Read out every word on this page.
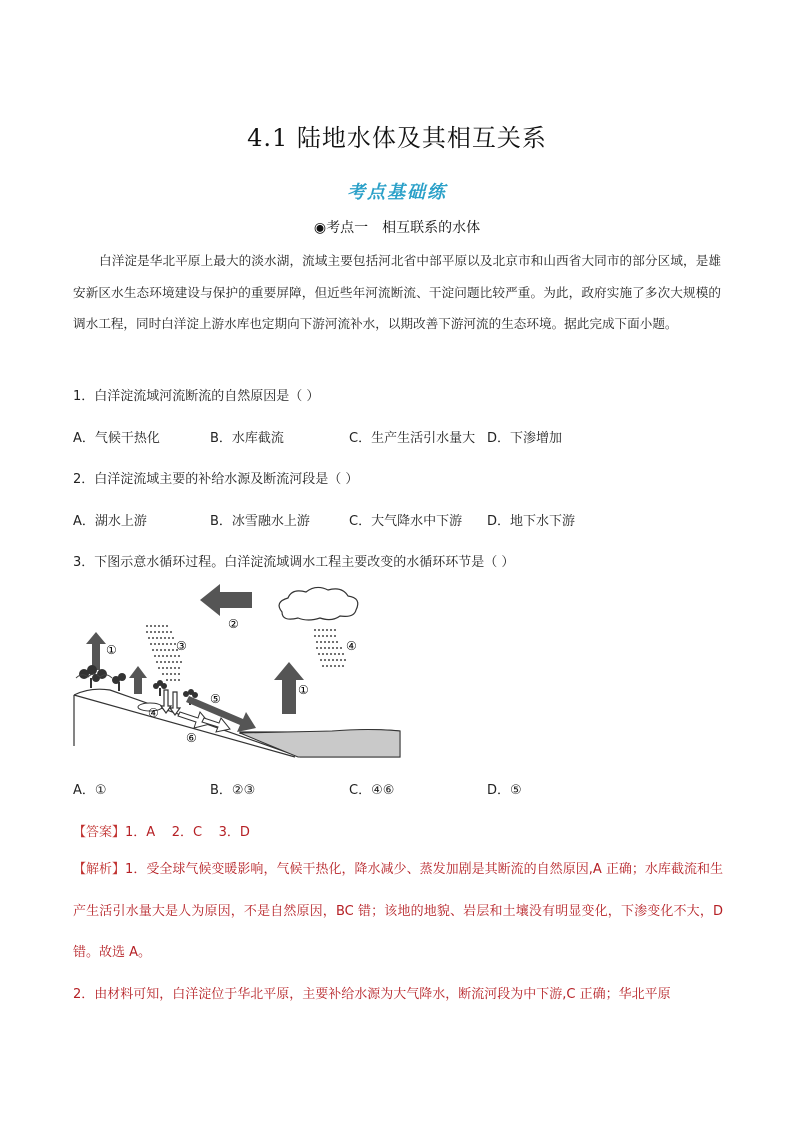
4.1 陆地水体及其相互关系
考点基础练
◉考点一 相互联系的水体

白洋淀是华北平原上最大的淡水湖，流域主要包括河北省中部平原以及北京市和山西省大同市的部分区域，是雄安新区水生态环境建设与保护的重要屏障，但近些年河流断流、干淀问题比较严重。为此，政府实施了多次大规模的调水工程，同时白洋淀上游水库也定期向下游河流补水，以期改善下游河流的生态环境。据此完成下面小题。

1．白洋淀流域河流断流的自然原因是（ ）
A．气候干热化	B．水库截流	C．生产生活引水量大 D．下渗增加
2．白洋淀流域主要的补给水源及断流河段是（ ）
A．湖水上游	B．冰雪融水上游	C．大气降水中下游 D．地下水下游
3．下图示意水循环过程。白洋淀流域调水工程主要改变的水循环环节是（ ）
③	④
②
①
①
④
⑤
⑥
A．①	B．②③	C．④⑥	D．⑤
【答案】1．A    2．C    3．D

【解析】1．受全球气候变暖影响，气候干热化，降水减少、蒸发加剧是其断流的自然原因,A 正确；水库截流和生产生活引水量大是人为原因，不是自然原因，BC 错；该地的地貌、岩层和土壤没有明显变化，下渗变化不大，D 错。故选 A。

2．由材料可知，白洋淀位于华北平原，主要补给水源为大气降水，断流河段为中下游,C 正确；华北平原
